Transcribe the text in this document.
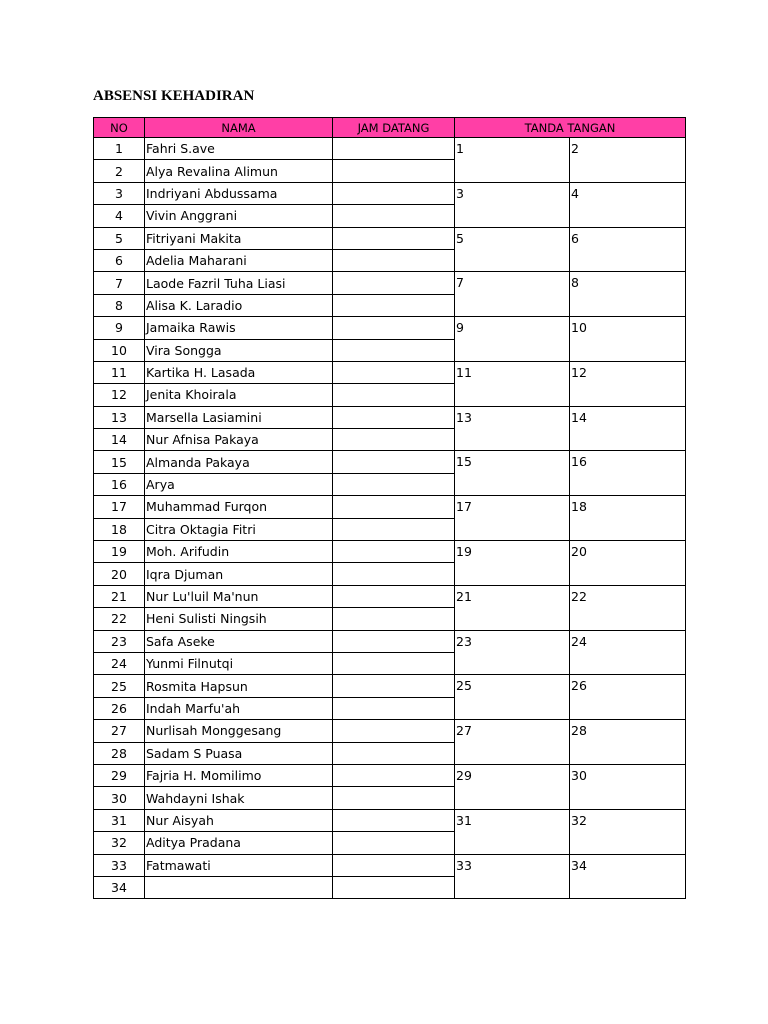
ABSENSI KEHADIRAN
NO	NAMA	JAM DATANG	TANDA TANGAN	
1	Fahri S.ave		1	2
2	Alya Revalina Alimun			
3	Indriyani Abdussama		3	4
4	Vivin Anggrani			
5	Fitriyani Makita		5	6
6	Adelia Maharani			
7	Laode Fazril Tuha Liasi		7	8
8	Alisa K. Laradio			
9	Jamaika Rawis		9	10
10	Vira Songga			
11	Kartika H. Lasada		11	12
12	Jenita Khoirala			
13	Marsella Lasiamini		13	14
14	Nur Afnisa Pakaya			
15	Almanda Pakaya		15	16
16	Arya			
17	Muhammad Furqon		17	18
18	Citra Oktagia Fitri			
19	Moh. Arifudin		19	20
20	Iqra Djuman			
21	Nur Lu'luil Ma'nun		21	22
22	Heni Sulisti Ningsih			
23	Safa Aseke		23	24
24	Yunmi Filnutqi			
25	Rosmita Hapsun		25	26
26	Indah Marfu'ah			
27	Nurlisah Monggesang		27	28
28	Sadam S Puasa			
29	Fajria H. Momilimo		29	30
30	Wahdayni Ishak			
31	Nur Aisyah		31	32
32	Aditya Pradana			
33	Fatmawati		33	34
34				
